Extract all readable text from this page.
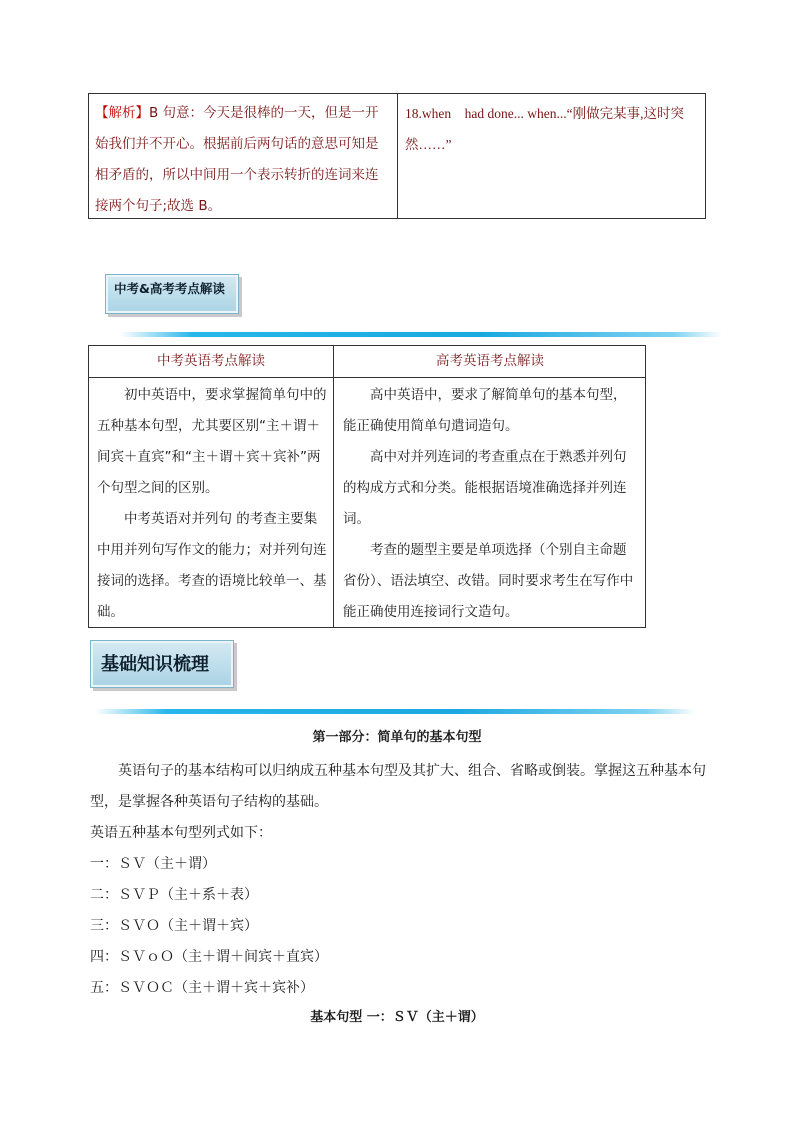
【解析】B 句意：今天是很棒的一天，但是一开始我们并不开心。根据前后两句话的意思可知是相矛盾的，所以中间用一个表示转折的连词来连接两个句子;故选 B。
18.when　had done... when...“刚做完某事,这时突然……”
中考&高考考点解读
中考英语考点解读	高考英语考点解读

初中英语中，要求掌握简单句中的五种基本句型，尤其要区别“主＋谓＋间宾＋直宾”和“主＋谓＋宾＋宾补”两个句型之间的区别。

中考英语对并列句 的考查主要集中用并列句写作文的能力；对并列句连接词的选择。考查的语境比较单一、基础。

高中英语中，要求了解简单句的基本句型，能正确使用简单句遣词造句。

高中对并列连词的考查重点在于熟悉并列句的构成方式和分类。能根据语境准确选择并列连词。

考查的题型主要是单项选择（个别自主命题省份）、语法填空、改错。同时要求考生在写作中能正确使用连接词行文造句。

基础知识梳理
第一部分：简单句的基本句型

英语句子的基本结构可以归纳成五种基本句型及其扩大、组合、省略或倒装。掌握这五种基本句型，是掌握各种英语句子结构的基础。

英语五种基本句型列式如下：

一：ＳＶ（主＋谓）

二：ＳＶＰ（主＋系＋表）

三：ＳＶＯ（主＋谓＋宾）

四：ＳＶｏＯ（主＋谓＋间宾＋直宾）

五：ＳＶＯＣ（主＋谓＋宾＋宾补）

基本句型 一：ＳＶ（主＋谓）
